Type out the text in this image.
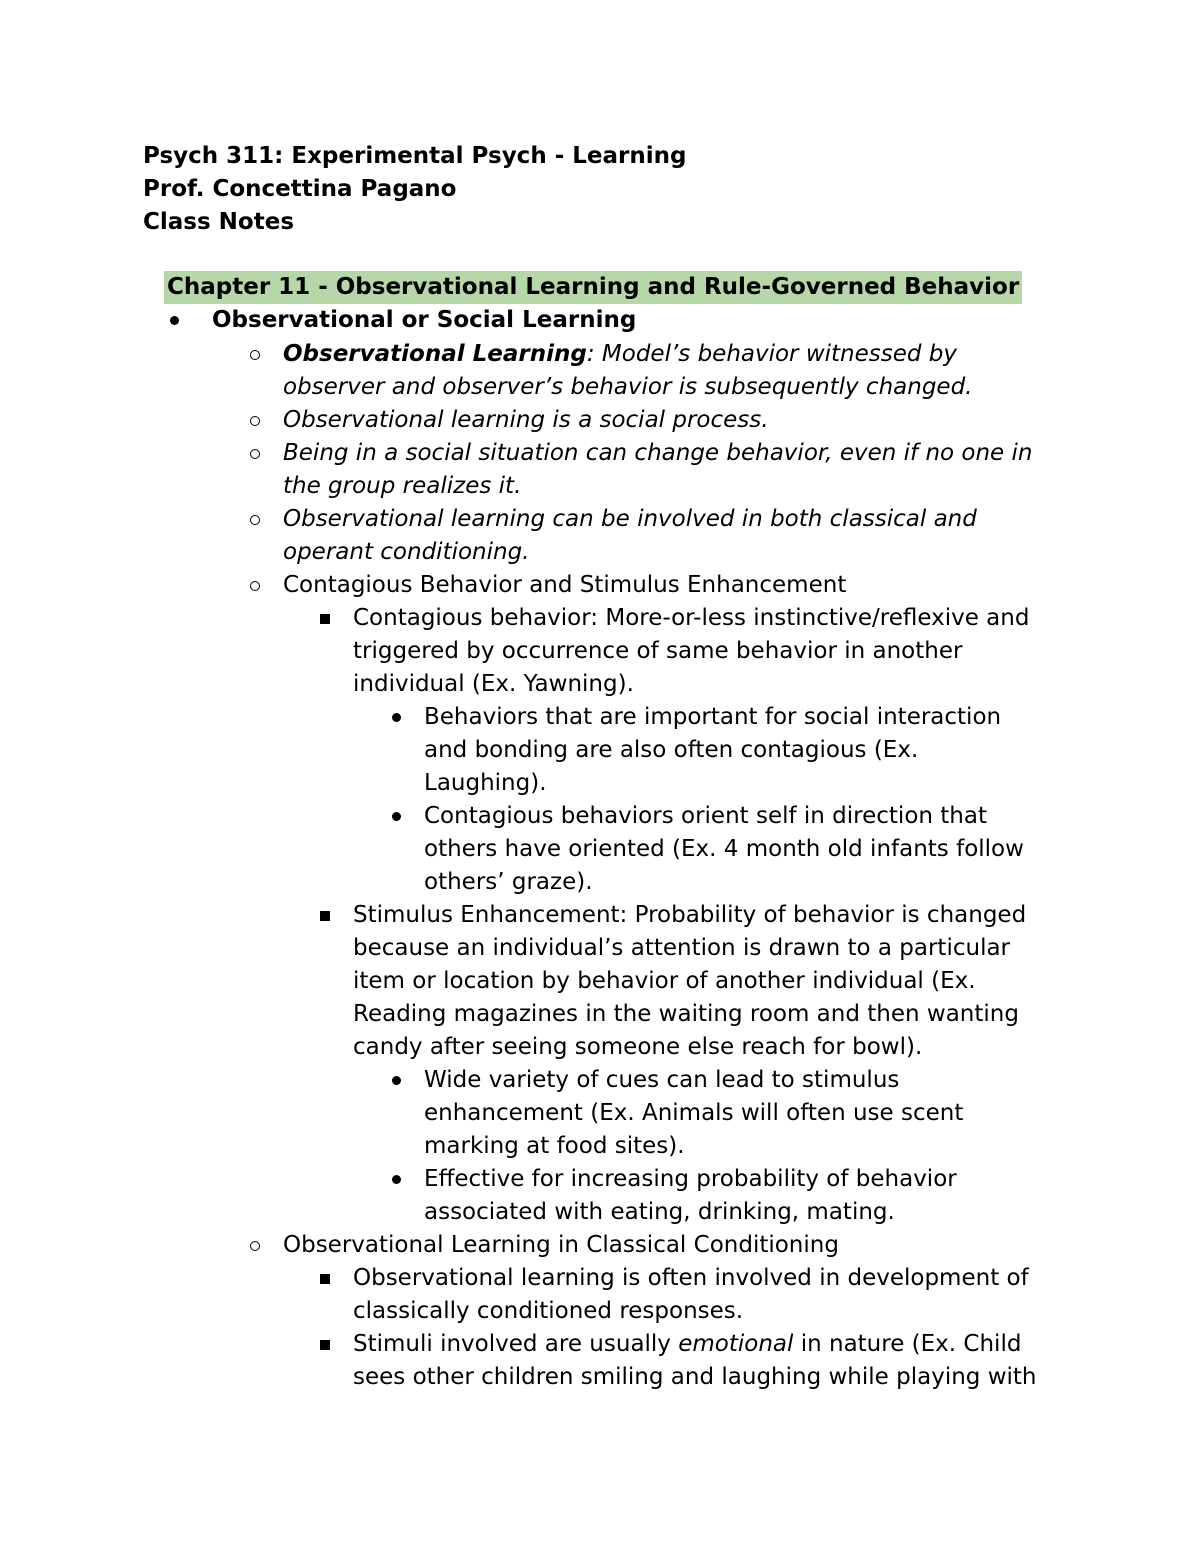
Psych 311: Experimental Psych - Learning
Prof. Concettina Pagano
Class Notes
Chapter 11 - Observational Learning and Rule-Governed Behavior
Observational or Social Learning
Observational Learning: Model’s behavior witnessed by observer and observer’s behavior is subsequently changed.
Observational learning is a social process.
Being in a social situation can change behavior, even if no one in the group realizes it.
Observational learning can be involved in both classical and operant conditioning.
Contagious Behavior and Stimulus Enhancement
Contagious behavior: More-or-less instinctive/reflexive and triggered by occurrence of same behavior in another individual (Ex. Yawning).
Behaviors that are important for social interaction and bonding are also often contagious (Ex. Laughing).
Contagious behaviors orient self in direction that others have oriented (Ex. 4 month old infants follow others’ graze).
Stimulus Enhancement: Probability of behavior is changed because an individual’s attention is drawn to a particular item or location by behavior of another individual (Ex. Reading magazines in the waiting room and then wanting candy after seeing someone else reach for bowl).
Wide variety of cues can lead to stimulus enhancement (Ex. Animals will often use scent marking at food sites).
Effective for increasing probability of behavior associated with eating, drinking, mating.
Observational Learning in Classical Conditioning
Observational learning is often involved in development of classically conditioned responses.
Stimuli involved are usually emotional in nature (Ex. Child sees other children smiling and laughing while playing with
